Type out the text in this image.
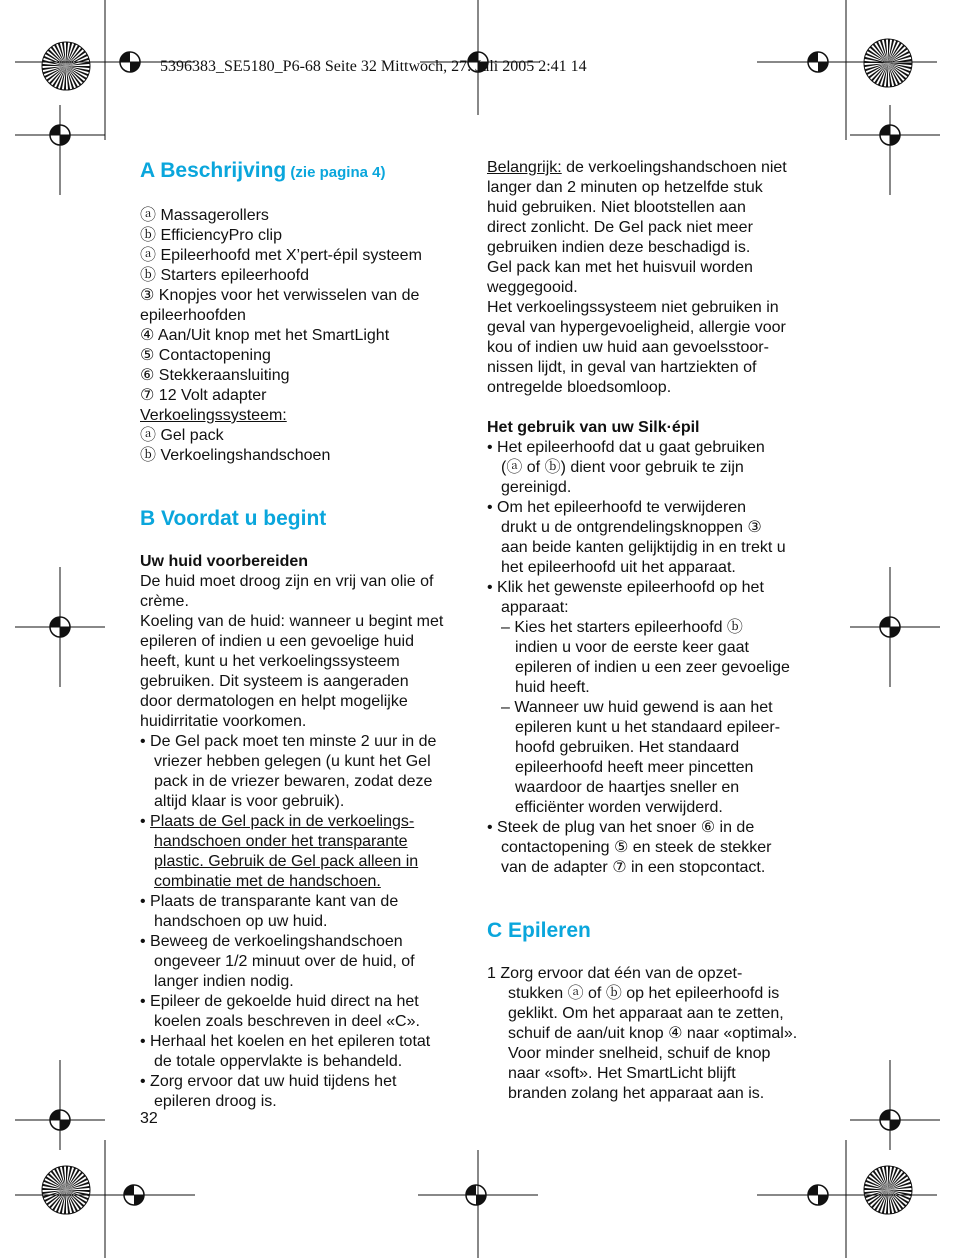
5396383_SE5180_P6-68 Seite 32 Mittwoch, 27. Juli 2005 2:41 14
A Beschrijving (zie pagina 4)
ⓐ Massagerollers
ⓑ EfficiencyPro clip
ⓐ Epileerhoofd met X’pert-épil systeem
ⓑ Starters epileerhoofd
③ Knopjes voor het verwisselen van de
epileerhoofden
④ Aan/Uit knop met het SmartLight
⑤ Contactopening
⑥ Stekkeraansluiting
⑦ 12 Volt adapter
Verkoelingssysteem:
ⓐ Gel pack
ⓑ Verkoelingshandschoen
B Voordat u begint
Uw huid voorbereiden
De huid moet droog zijn en vrij van olie of
crème.
Koeling van de huid: wanneer u begint met
epileren of indien u een gevoelige huid
heeft, kunt u het verkoelingssysteem
gebruiken. Dit systeem is aangeraden
door dermatologen en helpt mogelijke
huidirritatie voorkomen.
• De Gel pack moet ten minste 2 uur in de
vriezer hebben gelegen (u kunt het Gel
pack in de vriezer bewaren, zodat deze
altijd klaar is voor gebruik).
• Plaats de Gel pack in de verkoelings-
handschoen onder het transparante
plastic. Gebruik de Gel pack alleen in
combinatie met de handschoen.
• Plaats de transparante kant van de
handschoen op uw huid.
• Beweeg de verkoelingshandschoen
ongeveer 1/2 minuut over de huid, of
langer indien nodig.
• Epileer de gekoelde huid direct na het
koelen zoals beschreven in deel «C».
• Herhaal het koelen en het epileren totat
de totale oppervlakte is behandeld.
• Zorg ervoor dat uw huid tijdens het
epileren droog is.
Belangrijk: de verkoelingshandschoen niet
langer dan 2 minuten op hetzelfde stuk
huid gebruiken. Niet blootstellen aan
direct zonlicht. De Gel pack niet meer
gebruiken indien deze beschadigd is.
Gel pack kan met het huisvuil worden
weggegooid.
Het verkoelingssysteem niet gebruiken in
geval van hypergevoeligheid, allergie voor
kou of indien uw huid aan gevoelsstoor-
nissen lijdt, in geval van hartziekten of
ontregelde bloedsomloop.
Het gebruik van uw Silk·épil
• Het epileerhoofd dat u gaat gebruiken
(ⓐ of ⓑ) dient voor gebruik te zijn
gereinigd.
• Om het epileerhoofd te verwijderen
drukt u de ontgrendelingsknoppen ③
aan beide kanten gelijktijdig in en trekt u
het epileerhoofd uit het apparaat.
• Klik het gewenste epileerhoofd op het
apparaat:
– Kies het starters epileerhoofd ⓑ
indien u voor de eerste keer gaat
epileren of indien u een zeer gevoelige
huid heeft.
– Wanneer uw huid gewend is aan het
epileren kunt u het standaard epileer-
hoofd gebruiken. Het standaard
epileerhoofd heeft meer pincetten
waardoor de haartjes sneller en
efficiënter worden verwijderd.
• Steek de plug van het snoer ⑥ in de
contactopening ⑤ en steek de stekker
van de adapter ⑦ in een stopcontact.
C Epileren
1 Zorg ervoor dat één van de opzet-
stukken ⓐ of ⓑ op het epileerhoofd is
geklikt. Om het apparaat aan te zetten,
schuif de aan/uit knop ④ naar «optimal».
Voor minder snelheid, schuif de knop
naar «soft». Het SmartLicht blijft
branden zolang het apparaat aan is.
32
